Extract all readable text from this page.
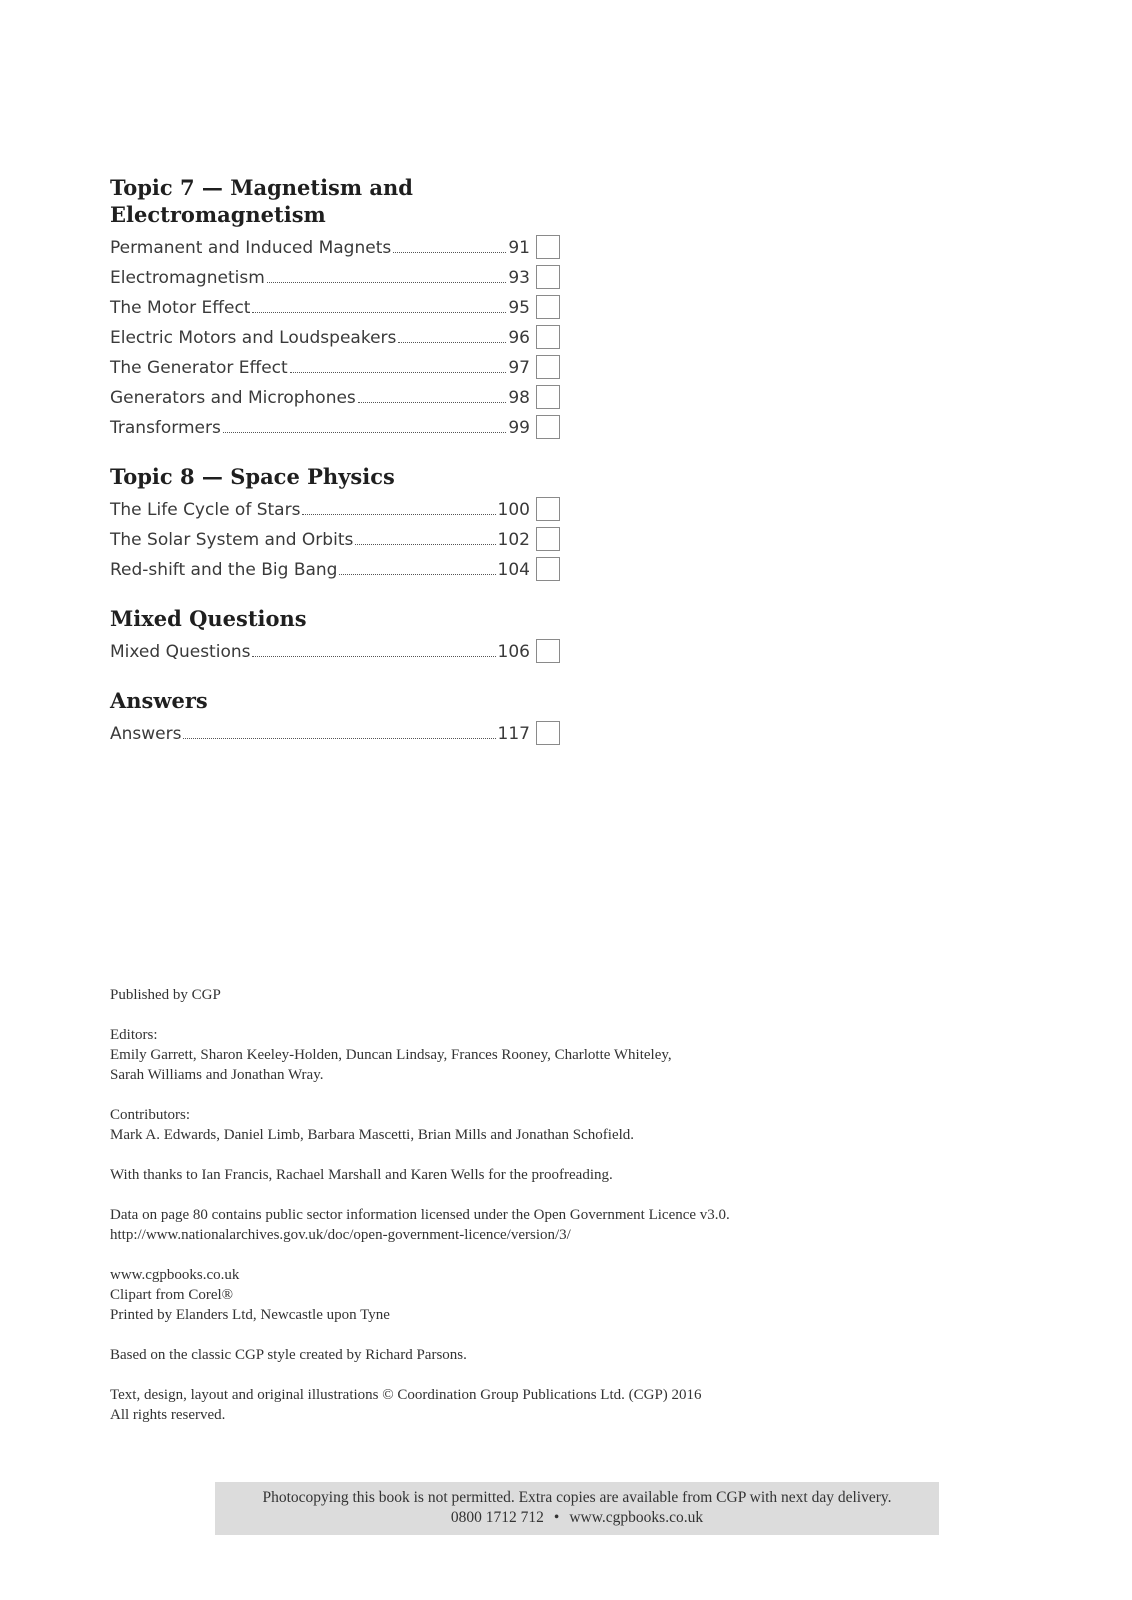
Topic 7 — Magnetism and Electromagnetism
Permanent and Induced Magnets	91
Electromagnetism	93
The Motor Effect	95
Electric Motors and Loudspeakers	96
The Generator Effect	97
Generators and Microphones	98
Transformers	99
Topic 8 — Space Physics
The Life Cycle of Stars	100
The Solar System and Orbits	102
Red-shift and the Big Bang	104
Mixed Questions
Mixed Questions	106
Answers
Answers	117

Published by CGP

Editors:
Emily Garrett, Sharon Keeley-Holden, Duncan Lindsay, Frances Rooney, Charlotte Whiteley,
Sarah Williams and Jonathan Wray.

Contributors:
Mark A. Edwards, Daniel Limb, Barbara Mascetti, Brian Mills and Jonathan Schofield.

With thanks to Ian Francis, Rachael Marshall and Karen Wells for the proofreading.

Data on page 80 contains public sector information licensed under the Open Government Licence v3.0.
http://www.nationalarchives.gov.uk/doc/open-government-licence/version/3/

www.cgpbooks.co.uk
Clipart from Corel®
Printed by Elanders Ltd, Newcastle upon Tyne

Based on the classic CGP style created by Richard Parsons.

Text, design, layout and original illustrations © Coordination Group Publications Ltd. (CGP) 2016
All rights reserved.

Photocopying this book is not permitted. Extra copies are available from CGP with next day delivery.
0800 1712 712 • www.cgpbooks.co.uk
